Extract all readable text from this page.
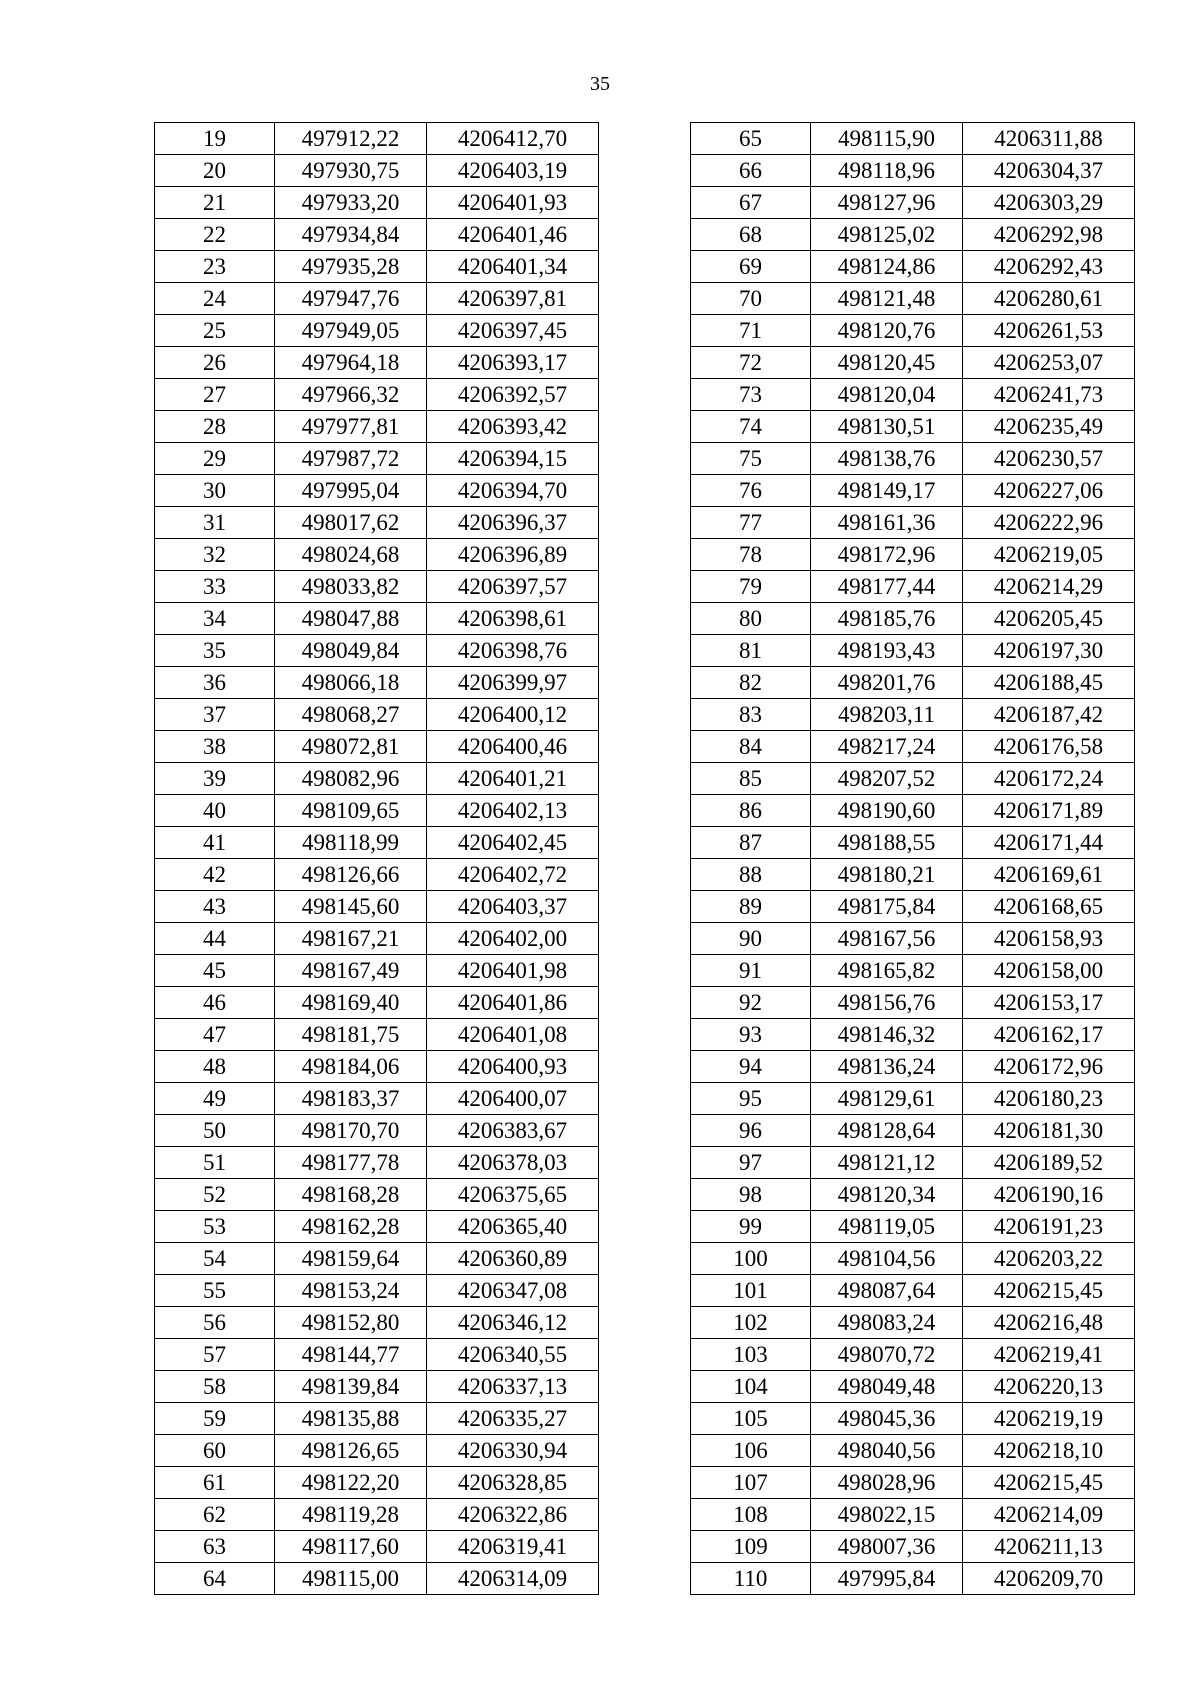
35
19	497912,22	4206412,70
20	497930,75	4206403,19
21	497933,20	4206401,93
22	497934,84	4206401,46
23	497935,28	4206401,34
24	497947,76	4206397,81
25	497949,05	4206397,45
26	497964,18	4206393,17
27	497966,32	4206392,57
28	497977,81	4206393,42
29	497987,72	4206394,15
30	497995,04	4206394,70
31	498017,62	4206396,37
32	498024,68	4206396,89
33	498033,82	4206397,57
34	498047,88	4206398,61
35	498049,84	4206398,76
36	498066,18	4206399,97
37	498068,27	4206400,12
38	498072,81	4206400,46
39	498082,96	4206401,21
40	498109,65	4206402,13
41	498118,99	4206402,45
42	498126,66	4206402,72
43	498145,60	4206403,37
44	498167,21	4206402,00
45	498167,49	4206401,98
46	498169,40	4206401,86
47	498181,75	4206401,08
48	498184,06	4206400,93
49	498183,37	4206400,07
50	498170,70	4206383,67
51	498177,78	4206378,03
52	498168,28	4206375,65
53	498162,28	4206365,40
54	498159,64	4206360,89
55	498153,24	4206347,08
56	498152,80	4206346,12
57	498144,77	4206340,55
58	498139,84	4206337,13
59	498135,88	4206335,27
60	498126,65	4206330,94
61	498122,20	4206328,85
62	498119,28	4206322,86
63	498117,60	4206319,41
64	498115,00	4206314,09
65	498115,90	4206311,88
66	498118,96	4206304,37
67	498127,96	4206303,29
68	498125,02	4206292,98
69	498124,86	4206292,43
70	498121,48	4206280,61
71	498120,76	4206261,53
72	498120,45	4206253,07
73	498120,04	4206241,73
74	498130,51	4206235,49
75	498138,76	4206230,57
76	498149,17	4206227,06
77	498161,36	4206222,96
78	498172,96	4206219,05
79	498177,44	4206214,29
80	498185,76	4206205,45
81	498193,43	4206197,30
82	498201,76	4206188,45
83	498203,11	4206187,42
84	498217,24	4206176,58
85	498207,52	4206172,24
86	498190,60	4206171,89
87	498188,55	4206171,44
88	498180,21	4206169,61
89	498175,84	4206168,65
90	498167,56	4206158,93
91	498165,82	4206158,00
92	498156,76	4206153,17
93	498146,32	4206162,17
94	498136,24	4206172,96
95	498129,61	4206180,23
96	498128,64	4206181,30
97	498121,12	4206189,52
98	498120,34	4206190,16
99	498119,05	4206191,23
100	498104,56	4206203,22
101	498087,64	4206215,45
102	498083,24	4206216,48
103	498070,72	4206219,41
104	498049,48	4206220,13
105	498045,36	4206219,19
106	498040,56	4206218,10
107	498028,96	4206215,45
108	498022,15	4206214,09
109	498007,36	4206211,13
110	497995,84	4206209,70
